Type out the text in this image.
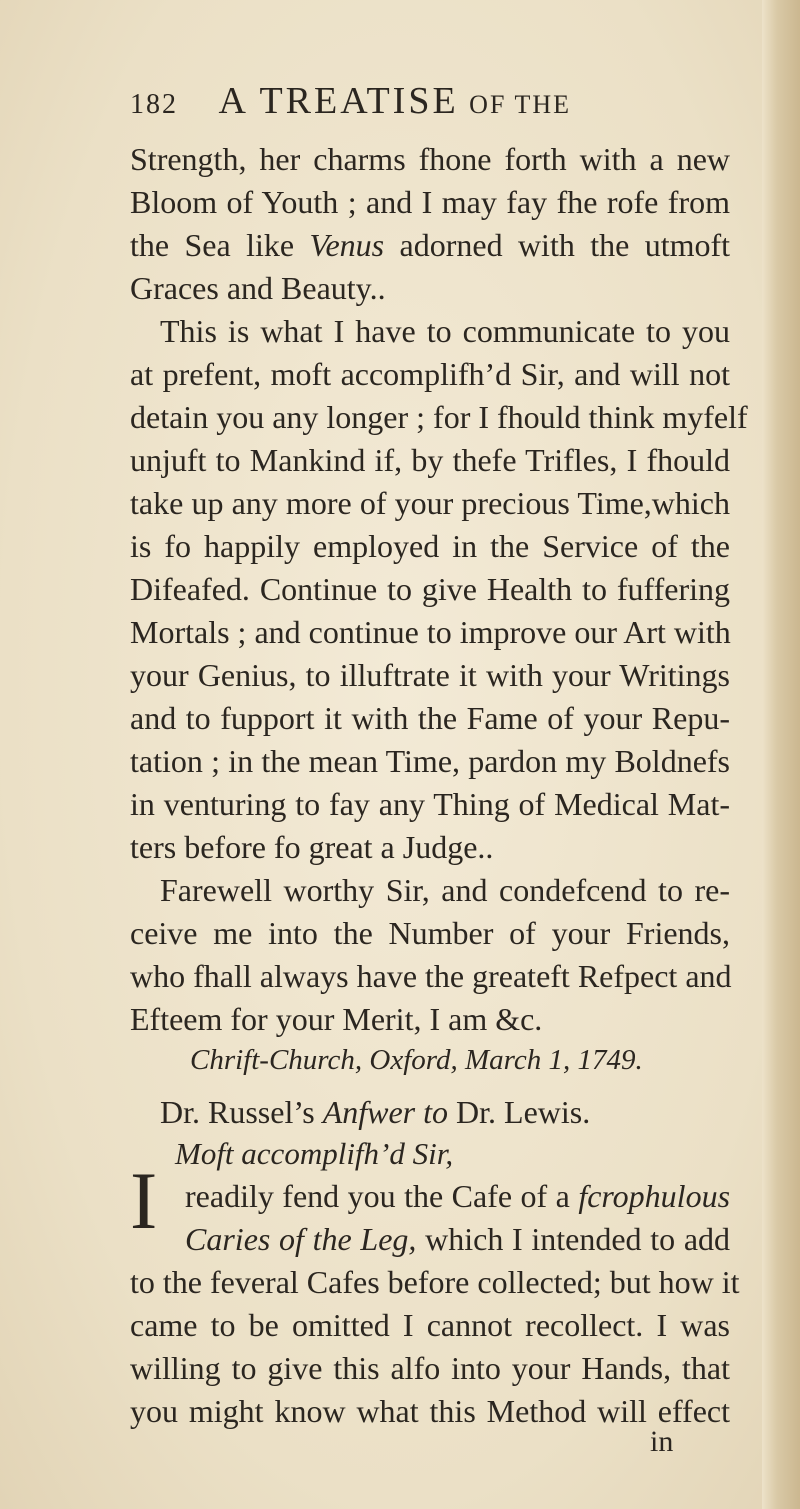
182 A TREATISE OF THE
Strength, her charms fhone forth with a new
Bloom of Youth ; and I may fay fhe rofe from
the Sea like Venus adorned with the utmoft
Graces and Beauty..
This is what I have to communicate to you
at prefent, moft accomplifh’d Sir, and will not
detain you any longer ; for I fhould think myfelf
unjuft to Mankind if, by thefe Trifles, I fhould
take up any more of your precious Time,which
is fo happily employed in the Service of the
Difeafed. Continue to give Health to fuffering
Mortals ; and continue to improve our Art with
your Genius, to illuftrate it with your Writings
and to fupport it with the Fame of your Repu-
tation ; in the mean Time, pardon my Boldnefs
in venturing to fay any Thing of Medical Mat-
ters before fo great a Judge..
Farewell worthy Sir, and condefcend to re-
ceive me into the Number of your Friends,
who fhall always have the greateft Refpect and
Efteem for your Merit, I am &c.
Chrift-Church, Oxford, March 1, 1749.
Dr. Russel’s Anfwer to Dr. Lewis.
Moft accomplifh’d Sir,
I readily fend you the Cafe of a fcrophulous
Caries of the Leg, which I intended to add
to the feveral Cafes before collected; but how it
came to be omitted I cannot recollect. I was
willing to give this alfo into your Hands, that
you might know what this Method will effect
in
